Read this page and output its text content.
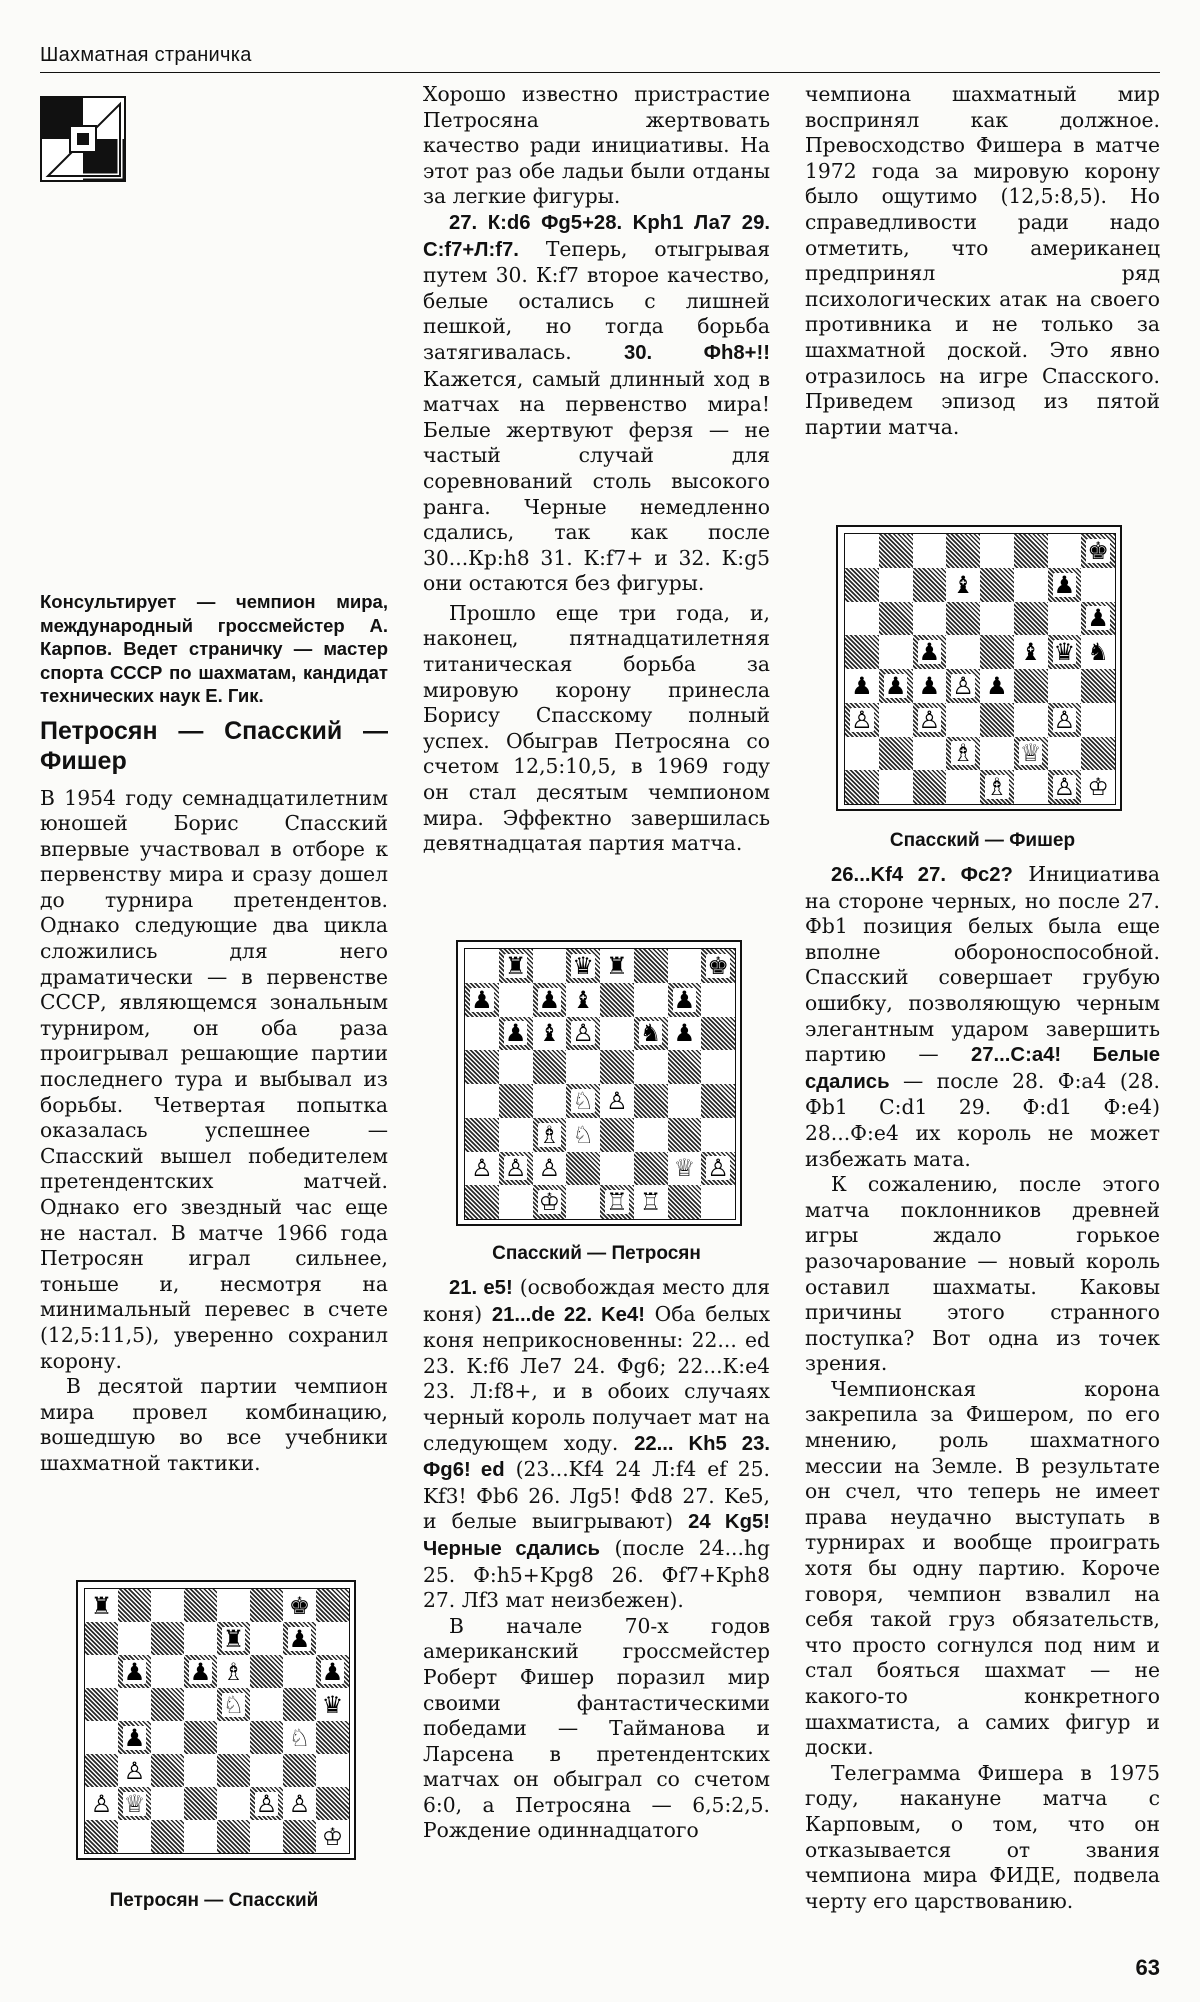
Шахматная страничка

Консультирует — чемпион мира, международный гроссмейстер А. Карпов. Ведет страничку — мастер спорта СССР по шахматам, кандидат технических наук Е. Гик.

Петросян — Спасский — Фишер

В 1954 году семнадцатилетним юношей Борис Спасский впервые участвовал в отборе к первенству мира и сразу дошел до турнира претендентов. Однако следующие два цикла сложились для него драматически — в первенстве СССР, являющемся зональным турниром, он оба раза проигрывал решающие партии последнего тура и выбывал из борьбы. Четвертая попытка оказалась успешнее — Спасский вышел победителем претендентских матчей. Однако его звездный час еще не настал. В матче 1966 года Петросян играл сильнее, тоньше и, несмотря на минимальный перевес в счете (12,5:11,5), уверенно сохранил корону.

В десятой партии чемпион мира провел комбинацию, вошедшую во все учебники шахматной тактики.

♜	♚
♜ ♟
♟ ♟ ♗	♟
♘	♛
♟	♘
♙
♙ ♕	♙ ♙
♔
Петросян — Спасский

Хорошо известно пристрастие Петросяна жертвовать качество ради инициативы. На этот раз обе ладьи были отданы за легкие фигуры.

27. К:d6 Фg5+28. Kph1 Ла7 29. С:f7+Л:f7. Теперь, отыгрывая путем 30. К:f7 второе качество, белые остались с лишней пешкой, но тогда борьба затягивалась. 30. Фh8+!! Кажется, самый длинный ход в матчах на первенство мира! Белые жертвуют ферзя — не частый случай для соревнований столь высокого ранга. Черные немедленно сдались, так как после 30...Кр:h8 31. К:f7+ и 32. К:g5 они остаются без фигуры.

Прошло еще три года, и, наконец, пятнадцатилетняя титаническая борьба за мировую корону принесла Борису Спасскому полный успех. Обыграв Петросяна со счетом 12,5:10,5, в 1969 году он стал десятым чемпионом мира. Эффектно завершилась девятнадцатая партия матча.

♜ ♛ ♜	♚
♟ ♟ ♝	♟
♟ ♝ ♙ ♞ ♟
♘ ♙
♗ ♘
♙ ♙ ♙	♕ ♙
♔ ♖ ♖
Спасский — Петросян

21. e5! (освобождая место для коня) 21...de 22. Ke4! Оба белых коня неприкосновенны: 22... ed 23. К:f6 Ле7 24. Фg6; 22...К:e4 23. Л:f8+, и в обоих случаях черный король получает мат на следующем ходу. 22... Kh5 23. Фg6! ed (23...Kf4 24 Л:f4 ef 25. Kf3! Фb6 26. Лg5! Фd8 27. Ke5, и белые выигрывают) 24 Kg5! Черные сдались (после 24...hg 25. Ф:h5+Kpg8 26. Фf7+Kph8 27. Лf3 мат неизбежен).

В начале 70-х годов американский гроссмейстер Роберт Фишер поразил мир своими фантастическими победами — Тайманова и Ларсена в претендентских матчах он обыграл со счетом 6:0, а Петросяна — 6,5:2,5. Рождение одиннадцатого

чемпиона шахматный мир воспринял как должное. Превосходство Фишера в матче 1972 года за мировую корону было ощутимо (12,5:8,5). Но справедливости ради надо отметить, что американец предпринял ряд психологических атак на своего противника и не только за шахматной доской. Это явно отразилось на игре Спасского. Приведем эпизод из пятой партии матча.

♚
♝	♟
♟
♟	♝ ♛ ♞
♟ ♟ ♟ ♙ ♟
♙ ♙	♙
♗ ♕
♗ ♙ ♔
Спасский — Фишер

26...Kf4 27. Фс2? Инициатива на стороне черных, но после 27. Фb1 позиция белых была еще вполне обороноспособной. Спасский совершает грубую ошибку, позволяющую черным элегантным ударом завершить партию — 27...С:а4! Белые сдались — после 28. Ф:а4 (28. Фb1 С:d1 29. Ф:d1 Ф:е4) 28...Ф:е4 их король не может избежать мата.

К сожалению, после этого матча поклонников древней игры ждало горькое разочарование — новый король оставил шахматы. Каковы причины этого странного поступка? Вот одна из точек зрения.

Чемпионская корона закрепила за Фишером, по его мнению, роль шахматного мессии на Земле. В результате он счел, что теперь не имеет права неудачно выступать в турнирах и вообще проиграть хотя бы одну партию. Короче говоря, чемпион взвалил на себя такой груз обязательств, что просто согнулся под ним и стал бояться шахмат — не какого-то конкретного шахматиста, а самих фигур и доски.

Телеграмма Фишера в 1975 году, накануне матча с Карповым, о том, что он отказывается от звания чемпиона мира ФИДЕ, подвела черту его царствованию.

63
